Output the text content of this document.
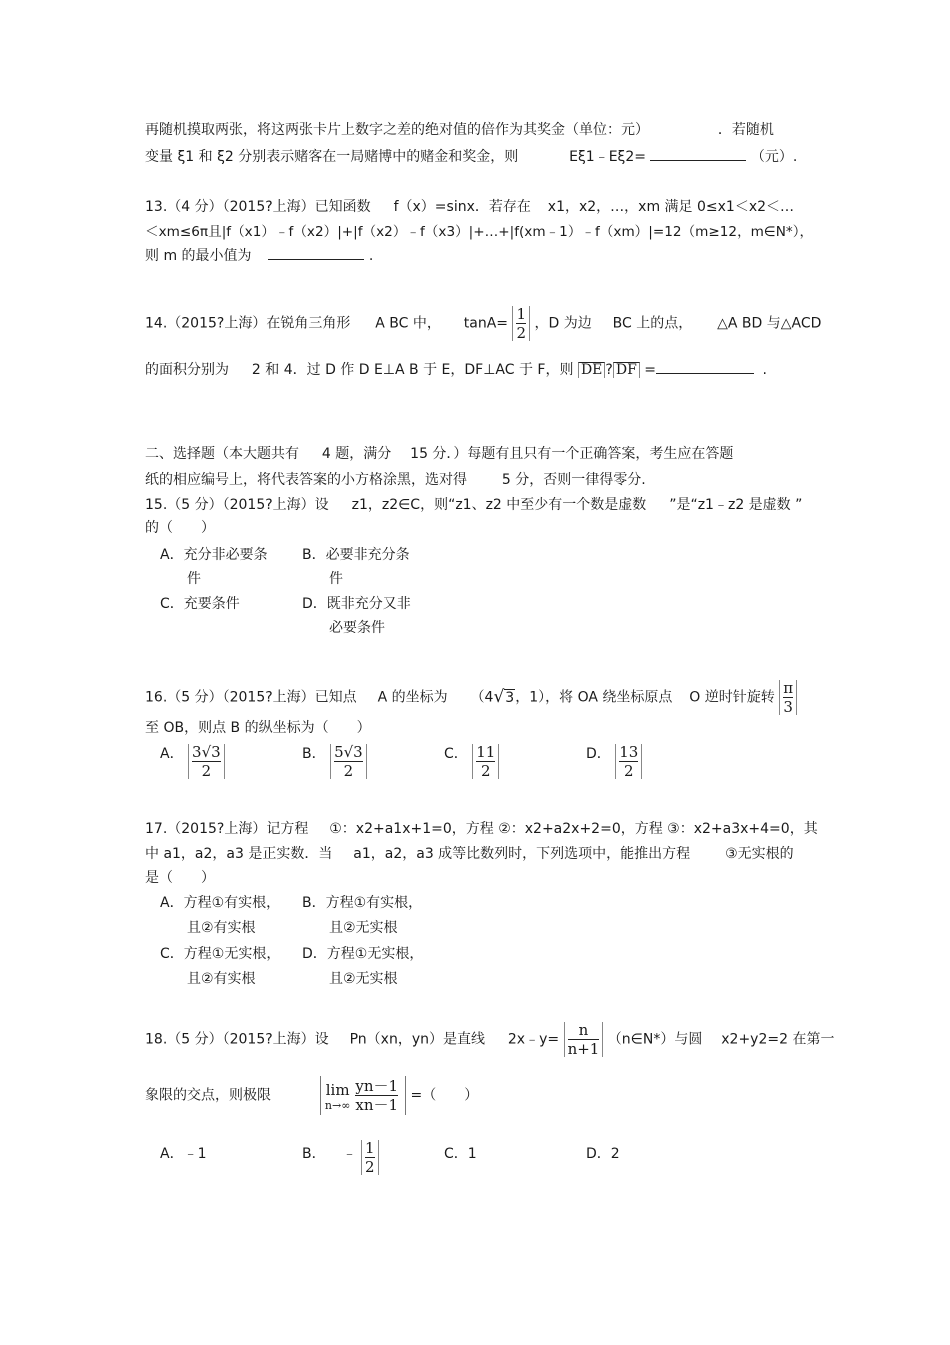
再随机摸取两张，将这两张卡片上数字之差的绝对值的倍作为其奖金（单位：元）	．若随机
变量 ξ1 和 ξ2 分别表示赌客在一局赌博中的赌金和奖金，则	Eξ1﹣Eξ2=	（元）.
13.（4 分）（2015?上海）已知函数 f（x）=sinx．若存在 x1，x2，…，xm 满足 0≤x1＜x2＜…
＜xm≤6π且|f（x1）﹣f（x2）|+|f（x2）﹣f（x3）|+…+|f(xm﹣1）﹣f（xm）|=12（m≥12，m∈N*），
则 m 的最小值为	.
14.（2015?上海）在锐角三角形 A BC 中， $\tan A= \frac{1}{2}$ ，D 为边 BC 上的点， △A BD 与△ACD
的面积分别为 2 和 4．过 D 作 D E⊥A B 于 E，DF⊥AC 于 F，则 DE ? DF =	.
二、选择题（本大题共有 4 题，满分 15 分．）每题有且只有一个正确答案，考生应在答题
纸的相应编号上，将代表答案的小方格涂黑，选对得 5 分，否则一律得零分.
15.（5 分）（2015?上海）设 z1，z2∈C，则“z1、z2 中至少有一个数是虚数 ”是“z1﹣z2 是虚数 ”
的（　　）
A．充分非必要条
件
B．必要非充分条
件
C．充要条件	D．既非充分又非
必要条件
16.（5 分）（2015?上海）已知点 A 的坐标为 （4√3，1），将 OA 绕坐标原点 O 逆时针旋转 $\frac{\pi}{3}$
至 OB，则点 B 的纵坐标为（　　）
A． $\frac{3√3}{2}$	B． $\frac{5√3}{2}$	C． $\frac{11}{2}$	D． $\frac{13}{2}$
17.（2015?上海）记方程 ①：x2+a1x+1=0，方程 ②：x2+a2x+2=0，方程 ③：x2+a3x+4=0，其
中 a1，a2，a3 是正实数．当 a1，a2，a3 成等比数列时，下列选项中，能推出方程 ③无实根的
是（　　）
A．方程①有实根，
且②有实根
B．方程①有实根，
且②无实根
C．方程①无实根，
且②有实根
D．方程①无实根，
且②无实根
18.（5 分）（2015?上海）设 Pn（xn，yn）是直线 2x﹣y= $\frac{n}{n+1}$ （n∈N*）与圆 x2+y2=2 在第一
象限的交点，则极限	lim
$n\to\infty \frac{yn-1}{xn-1}$ =（　　）
A．﹣1	B． ﹣ $\frac{1}{2}$	C．1	D．2
